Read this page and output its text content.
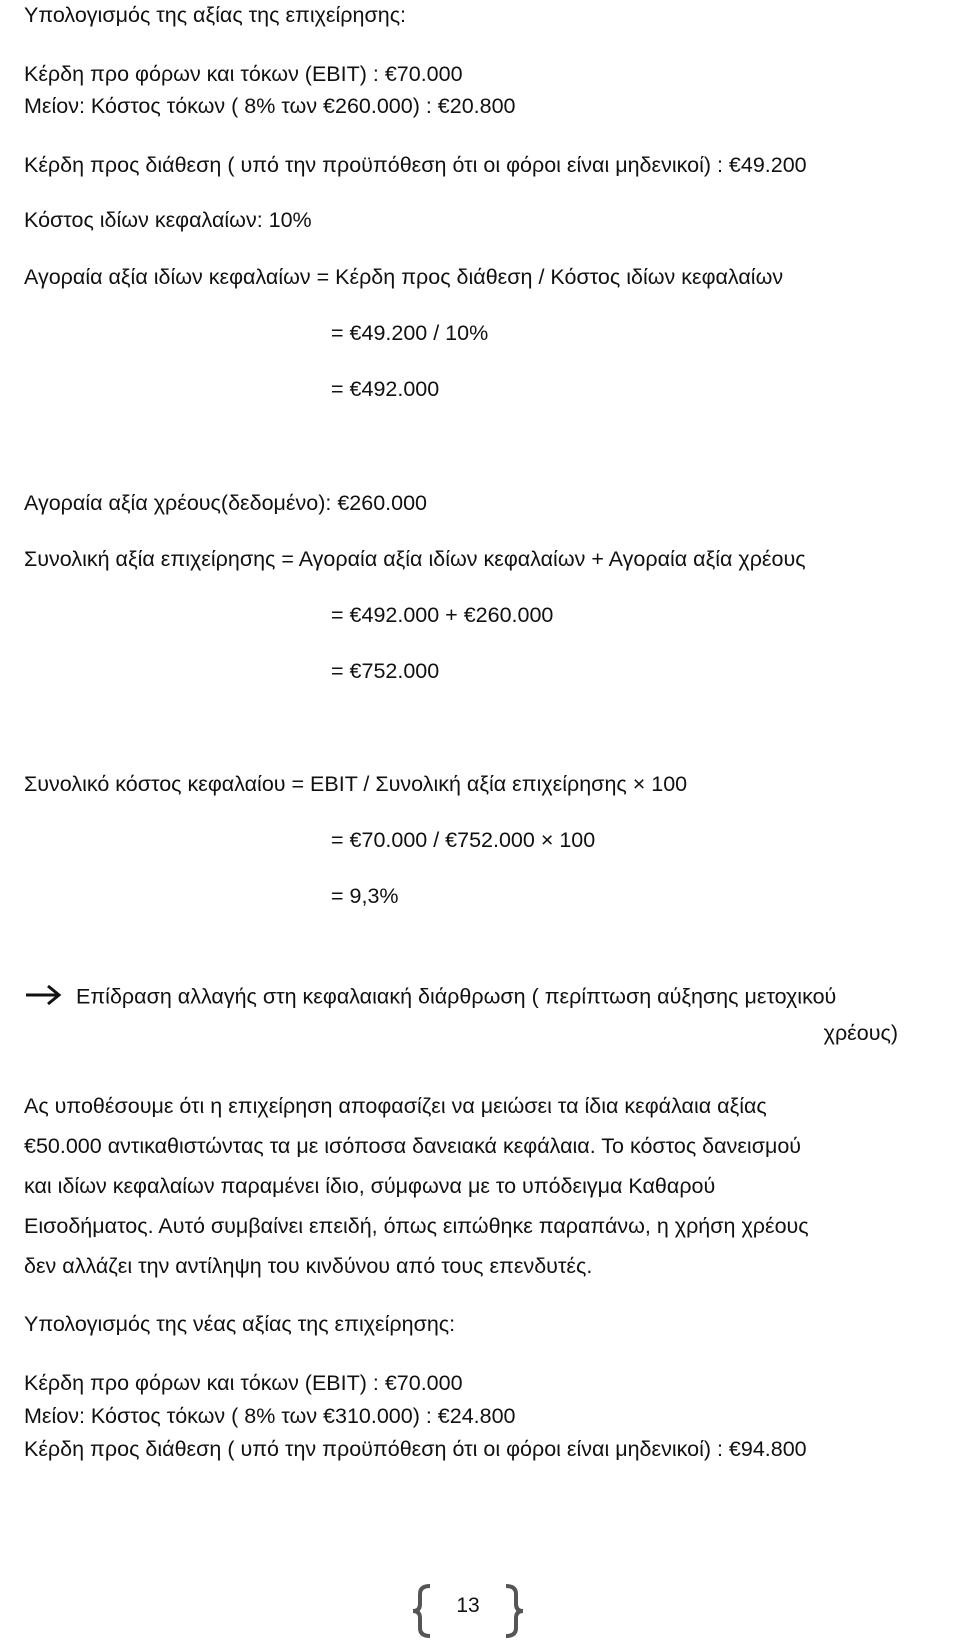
Υπολογισμός της αξίας της επιχείρησης:
Κέρδη προ φόρων και τόκων (EBIT) : €70.000
Μείον: Κόστος τόκων ( 8% των €260.000) : €20.800
Κέρδη προς διάθεση ( υπό την προϋπόθεση ότι οι φόροι είναι μηδενικοί) : €49.200
Κόστος ιδίων κεφαλαίων: 10%
Αγοραία αξία ιδίων κεφαλαίων = Κέρδη προς διάθεση / Κόστος ιδίων κεφαλαίων
= €49.200 / 10%
= €492.000
Αγοραία αξία χρέους(δεδομένο): €260.000
Συνολική αξία επιχείρησης = Αγοραία αξία ιδίων κεφαλαίων + Αγοραία αξία χρέους
= €492.000 + €260.000
= €752.000
Συνολικό κόστος κεφαλαίου = EBIT / Συνολική αξία επιχείρησης × 100
= €70.000 / €752.000 × 100
= 9,3%
Επίδραση αλλαγής στη κεφαλαιακή διάρθρωση ( περίπτωση αύξησης μετοχικού
χρέους)
Ας υποθέσουμε ότι η επιχείρηση αποφασίζει να μειώσει τα ίδια κεφάλαια αξίας
€50.000 αντικαθιστώντας τα με ισόποσα δανειακά κεφάλαια. Το κόστος δανεισμού
και ιδίων κεφαλαίων παραμένει ίδιο, σύμφωνα με το υπόδειγμα Καθαρού
Εισοδήματος. Αυτό συμβαίνει επειδή, όπως ειπώθηκε παραπάνω, η χρήση χρέους
δεν αλλάζει την αντίληψη του κινδύνου από τους επενδυτές.
Υπολογισμός της νέας αξίας της επιχείρησης:
Κέρδη προ φόρων και τόκων (EBIT) : €70.000
Μείον: Κόστος τόκων ( 8% των €310.000) : €24.800
Κέρδη προς διάθεση ( υπό την προϋπόθεση ότι οι φόροι είναι μηδενικοί) : €94.800
13
